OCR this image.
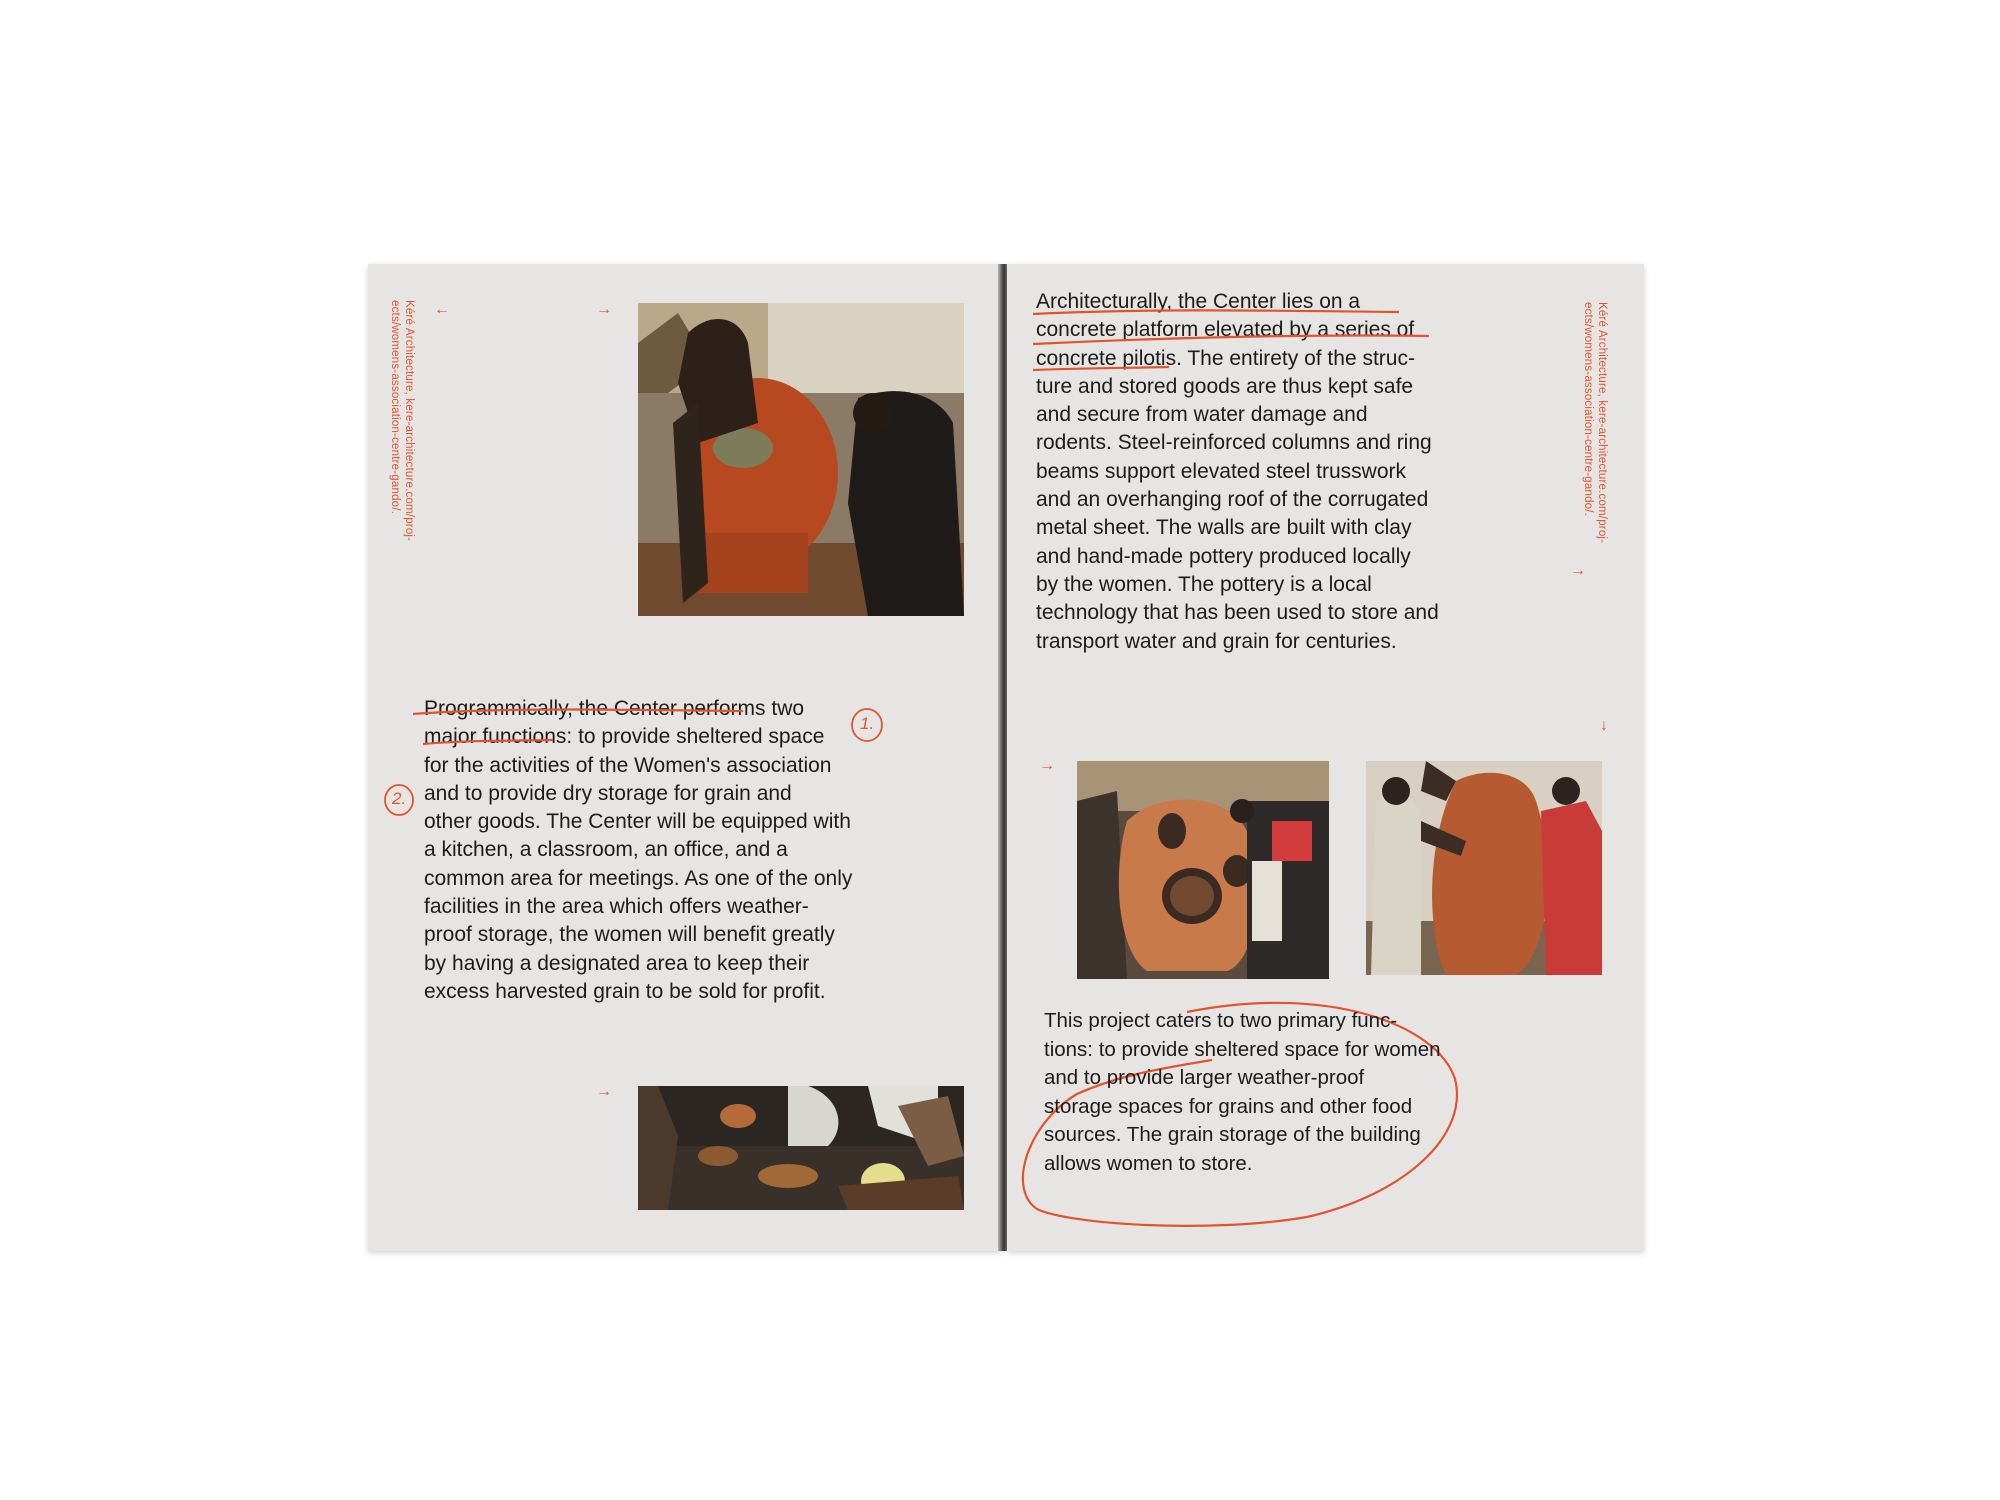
Kéré Architecture, kere-architecture.com/proj-
ects/womens-association-centre-gando/.	←	→
Programmically, the Center performs two
major functions: to provide sheltered space
for the activities of the Women's association
and to provide dry storage for grain and
other goods. The Center will be equipped with
a kitchen, a classroom, an office, and a
common area for meetings. As one of the only
facilities in the area which offers weather-
proof storage, the women will benefit greatly
by having a designated area to keep their
excess harvested grain to be sold for profit.
1.
2.
→
Architecturally, the Center lies on a
concrete platform elevated by a series of
concrete pilotis. The entirety of the struc-
ture and stored goods are thus kept safe
and secure from water damage and
rodents. Steel-reinforced columns and ring
beams support elevated steel trusswork
and an overhanging roof of the corrugated
metal sheet. The walls are built with clay
and hand-made pottery produced locally
by the women. The pottery is a local
technology that has been used to store and
transport water and grain for centuries.
Kéré Architecture, kere-architecture.com/proj-
ects/womens-association-centre-gando/.
→
↓
→
This project caters to two primary func-
tions: to provide sheltered space for women
and to provide larger weather-proof
storage spaces for grains and other food
sources. The grain storage of the building
allows women to store.
